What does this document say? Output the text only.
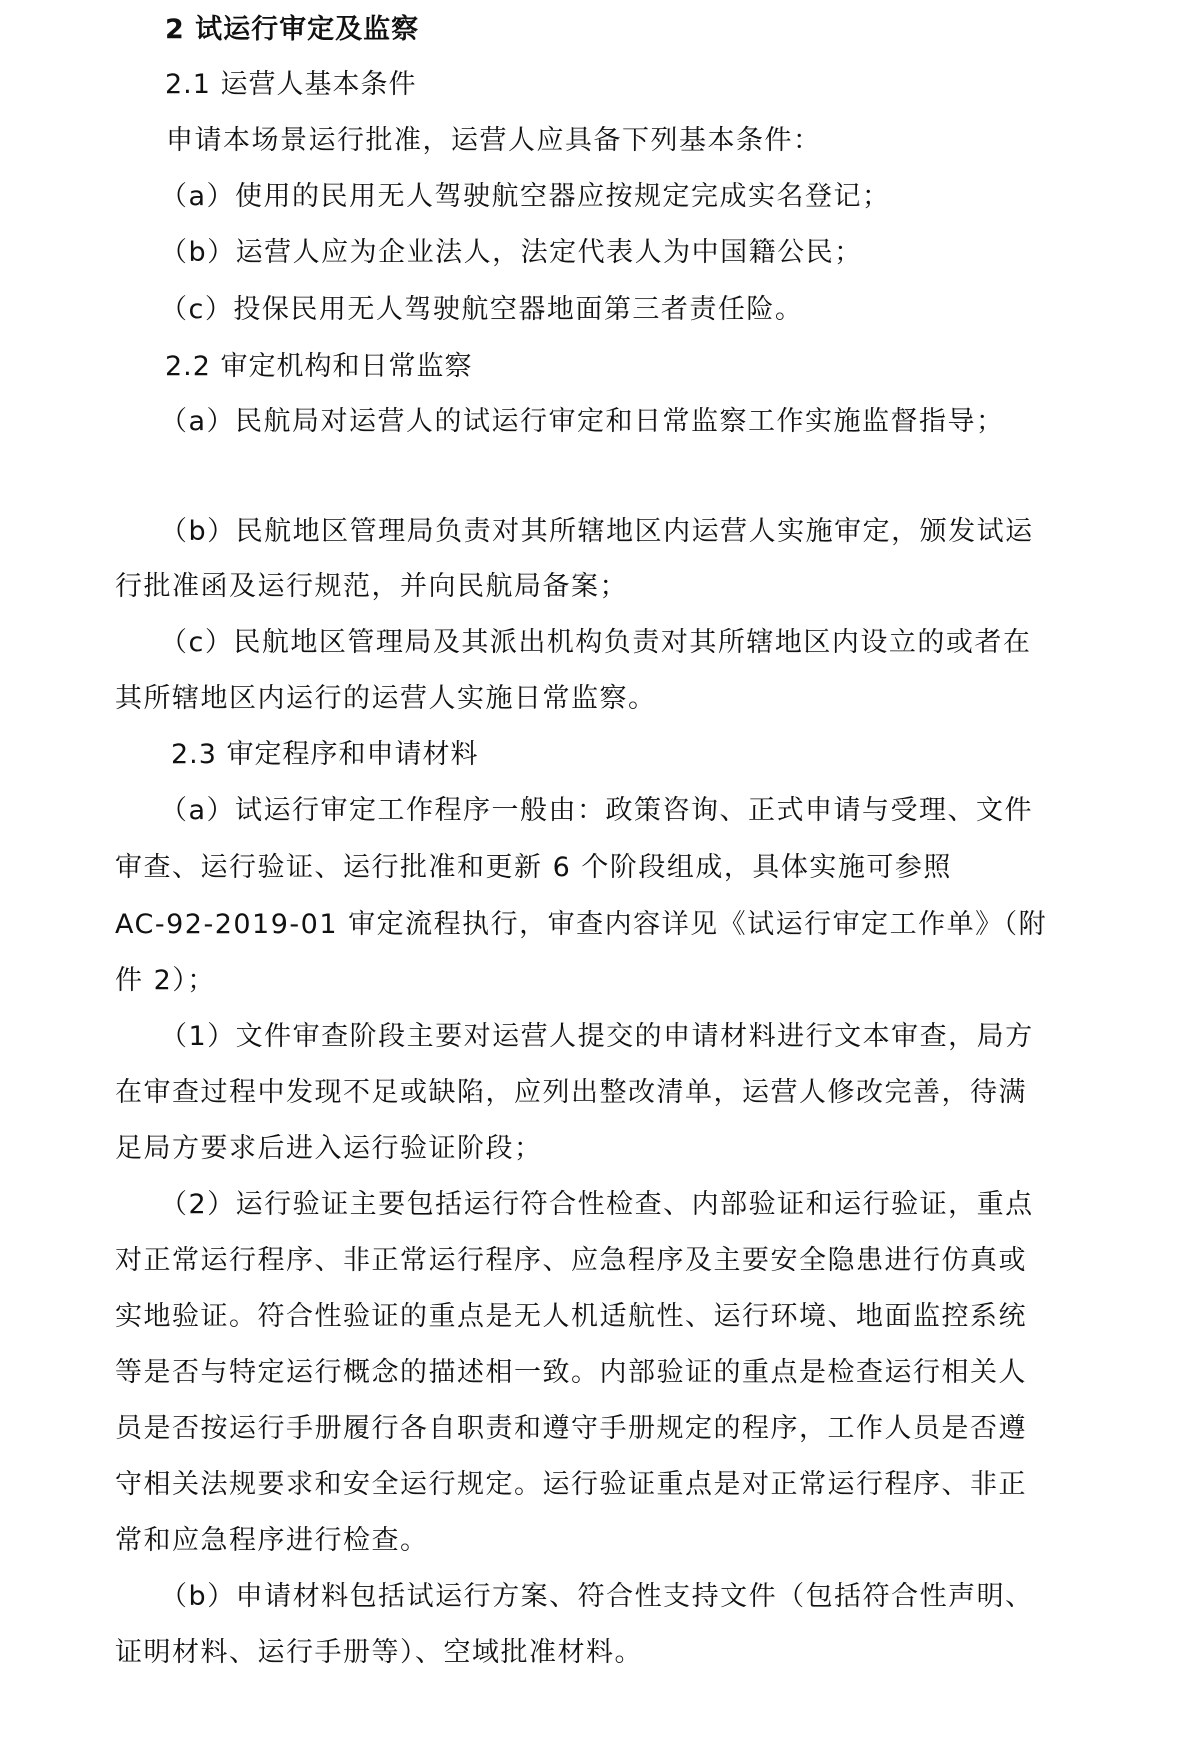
2 试运行审定及监察

2.1 运营人基本条件

申请本场景运行批准，运营人应具备下列基本条件：

（a）使用的民用无人驾驶航空器应按规定完成实名登记；

（b）运营人应为企业法人，法定代表人为中国籍公民；

（c）投保民用无人驾驶航空器地面第三者责任险。

2.2 审定机构和日常监察

（a）民航局对运营人的试运行审定和日常监察工作实施监督指导；

（b）民航地区管理局负责对其所辖地区内运营人实施审定，颁发试运

行批准函及运行规范，并向民航局备案；

（c）民航地区管理局及其派出机构负责对其所辖地区内设立的或者在

其所辖地区内运行的运营人实施日常监察。

2.3 审定程序和申请材料

（a）试运行审定工作程序一般由：政策咨询、正式申请与受理、文件

审查、运行验证、运行批准和更新 6 个阶段组成，具体实施可参照

AC-92-2019-01 审定流程执行，审查内容详见《试运行审定工作单》（附

件 2）；

（1）文件审查阶段主要对运营人提交的申请材料进行文本审查，局方

在审查过程中发现不足或缺陷，应列出整改清单，运营人修改完善，待满

足局方要求后进入运行验证阶段；

（2）运行验证主要包括运行符合性检查、内部验证和运行验证，重点

对正常运行程序、非正常运行程序、应急程序及主要安全隐患进行仿真或

实地验证。符合性验证的重点是无人机适航性、运行环境、地面监控系统

等是否与特定运行概念的描述相一致。内部验证的重点是检查运行相关人

员是否按运行手册履行各自职责和遵守手册规定的程序，工作人员是否遵

守相关法规要求和安全运行规定。运行验证重点是对正常运行程序、非正

常和应急程序进行检查。

（b）申请材料包括试运行方案、符合性支持文件（包括符合性声明、

证明材料、运行手册等）、空域批准材料。
